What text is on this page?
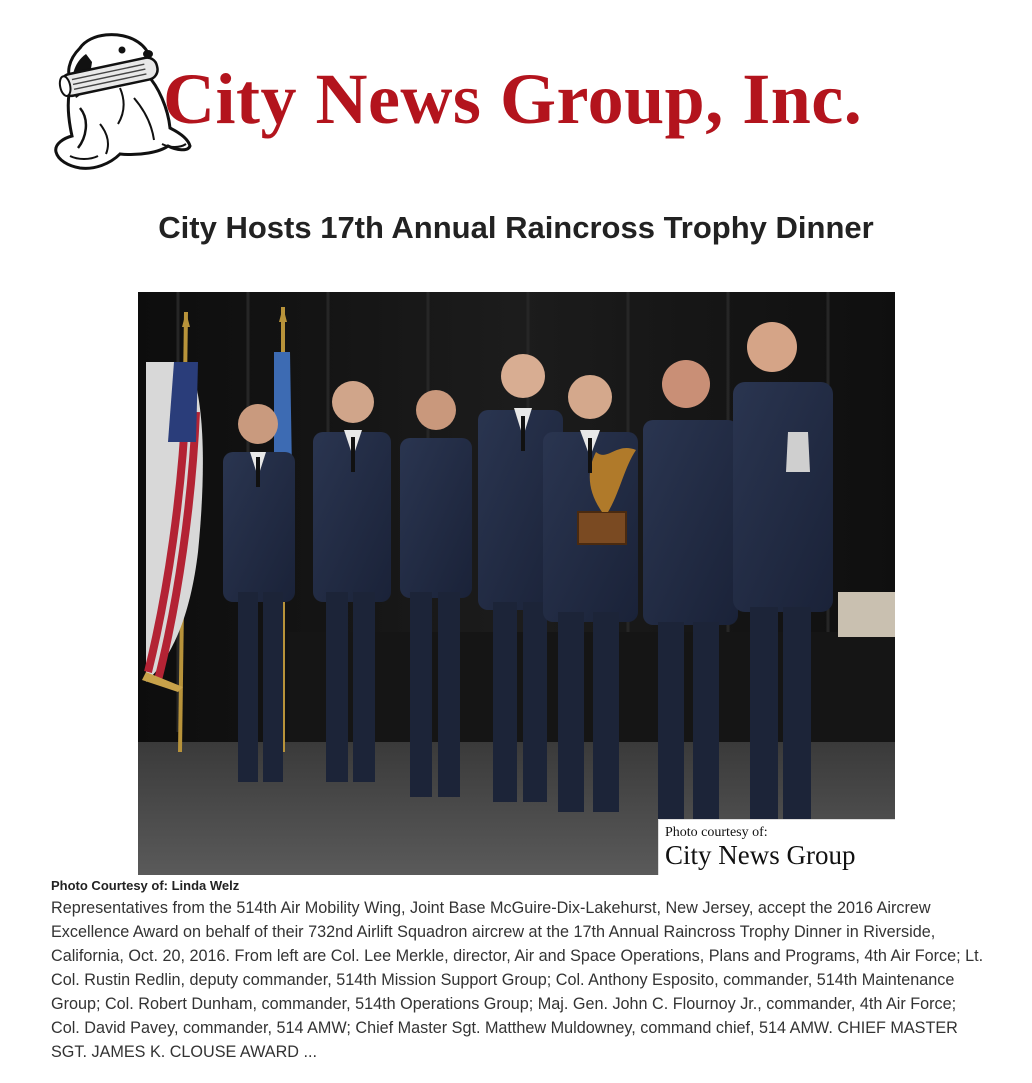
City News Group, Inc.
City Hosts 17th Annual Raincross Trophy Dinner
Photo courtesy of:
City News Group
Photo Courtesy of: Linda Welz

Representatives from the 514th Air Mobility Wing, Joint Base McGuire-Dix-Lakehurst, New Jersey, accept the 2016 Aircrew Excellence Award on behalf of their 732nd Airlift Squadron aircrew at the 17th Annual Raincross Trophy Dinner in Riverside, California, Oct. 20, 2016. From left are Col. Lee Merkle, director, Air and Space Operations, Plans and Programs, 4th Air Force; Lt. Col. Rustin Redlin, deputy commander, 514th Mission Support Group; Col. Anthony Esposito, commander, 514th Maintenance Group; Col. Robert Dunham, commander, 514th Operations Group; Maj. Gen. John C. Flournoy Jr., commander, 4th Air Force; Col. David Pavey, commander, 514 AMW; Chief Master Sgt. Matthew Muldowney, command chief, 514 AMW. CHIEF MASTER SGT. JAMES K. CLOUSE AWARD ...
